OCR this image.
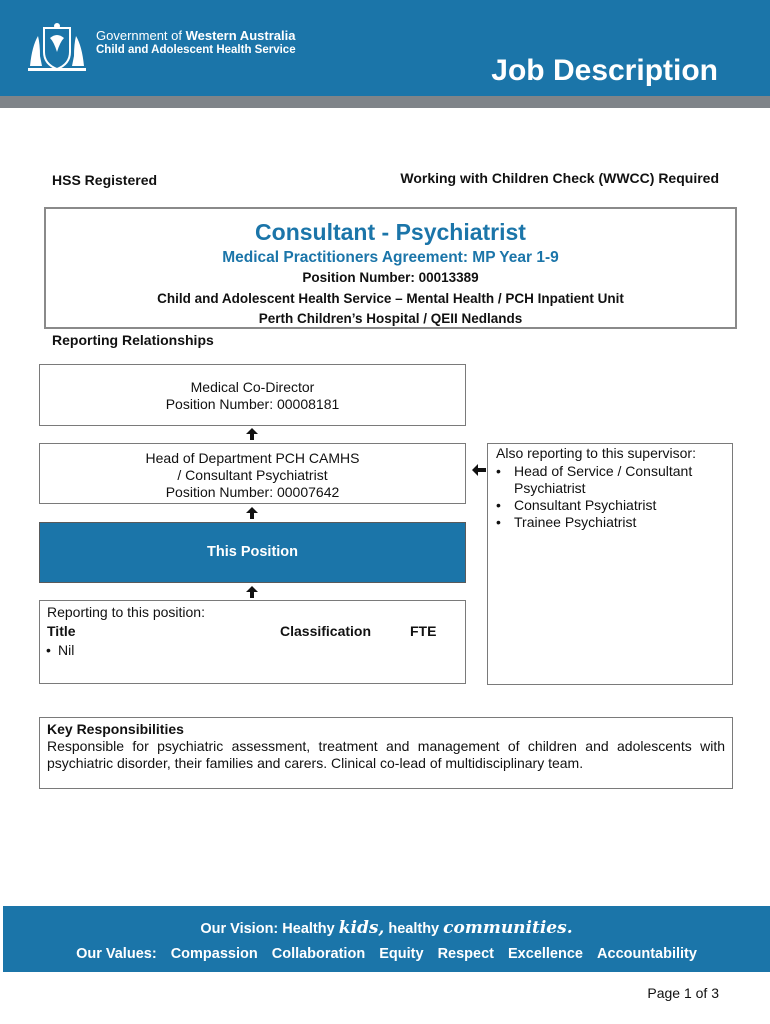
Government of Western Australia
Child and Adolescent Health Service
Job Description
HSS Registered	Working with Children Check (WWCC) Required
Consultant - Psychiatrist
Medical Practitioners Agreement: MP Year 1-9
Position Number: 00013389
Child and Adolescent Health Service – Mental Health / PCH Inpatient Unit
Perth Children’s Hospital / QEII Nedlands
Reporting Relationships
Medical Co-Director
Position Number: 00008181
Head of Department PCH CAMHS
/ Consultant Psychiatrist
Position Number: 00007642
This Position
Reporting to this position:
Title	Classification	FTE
• Nil
Also reporting to this supervisor:
• Head of Service / Consultant Psychiatrist
• Consultant Psychiatrist
• Trainee Psychiatrist
Key Responsibilities
Responsible for psychiatric assessment, treatment and management of children and adolescents with psychiatric disorder, their families and carers. Clinical co-lead of multidisciplinary team.
Our Vision: Healthy kids, healthy communities.
Our Values: Compassion Collaboration Equity Respect Excellence Accountability
Page 1 of 3
